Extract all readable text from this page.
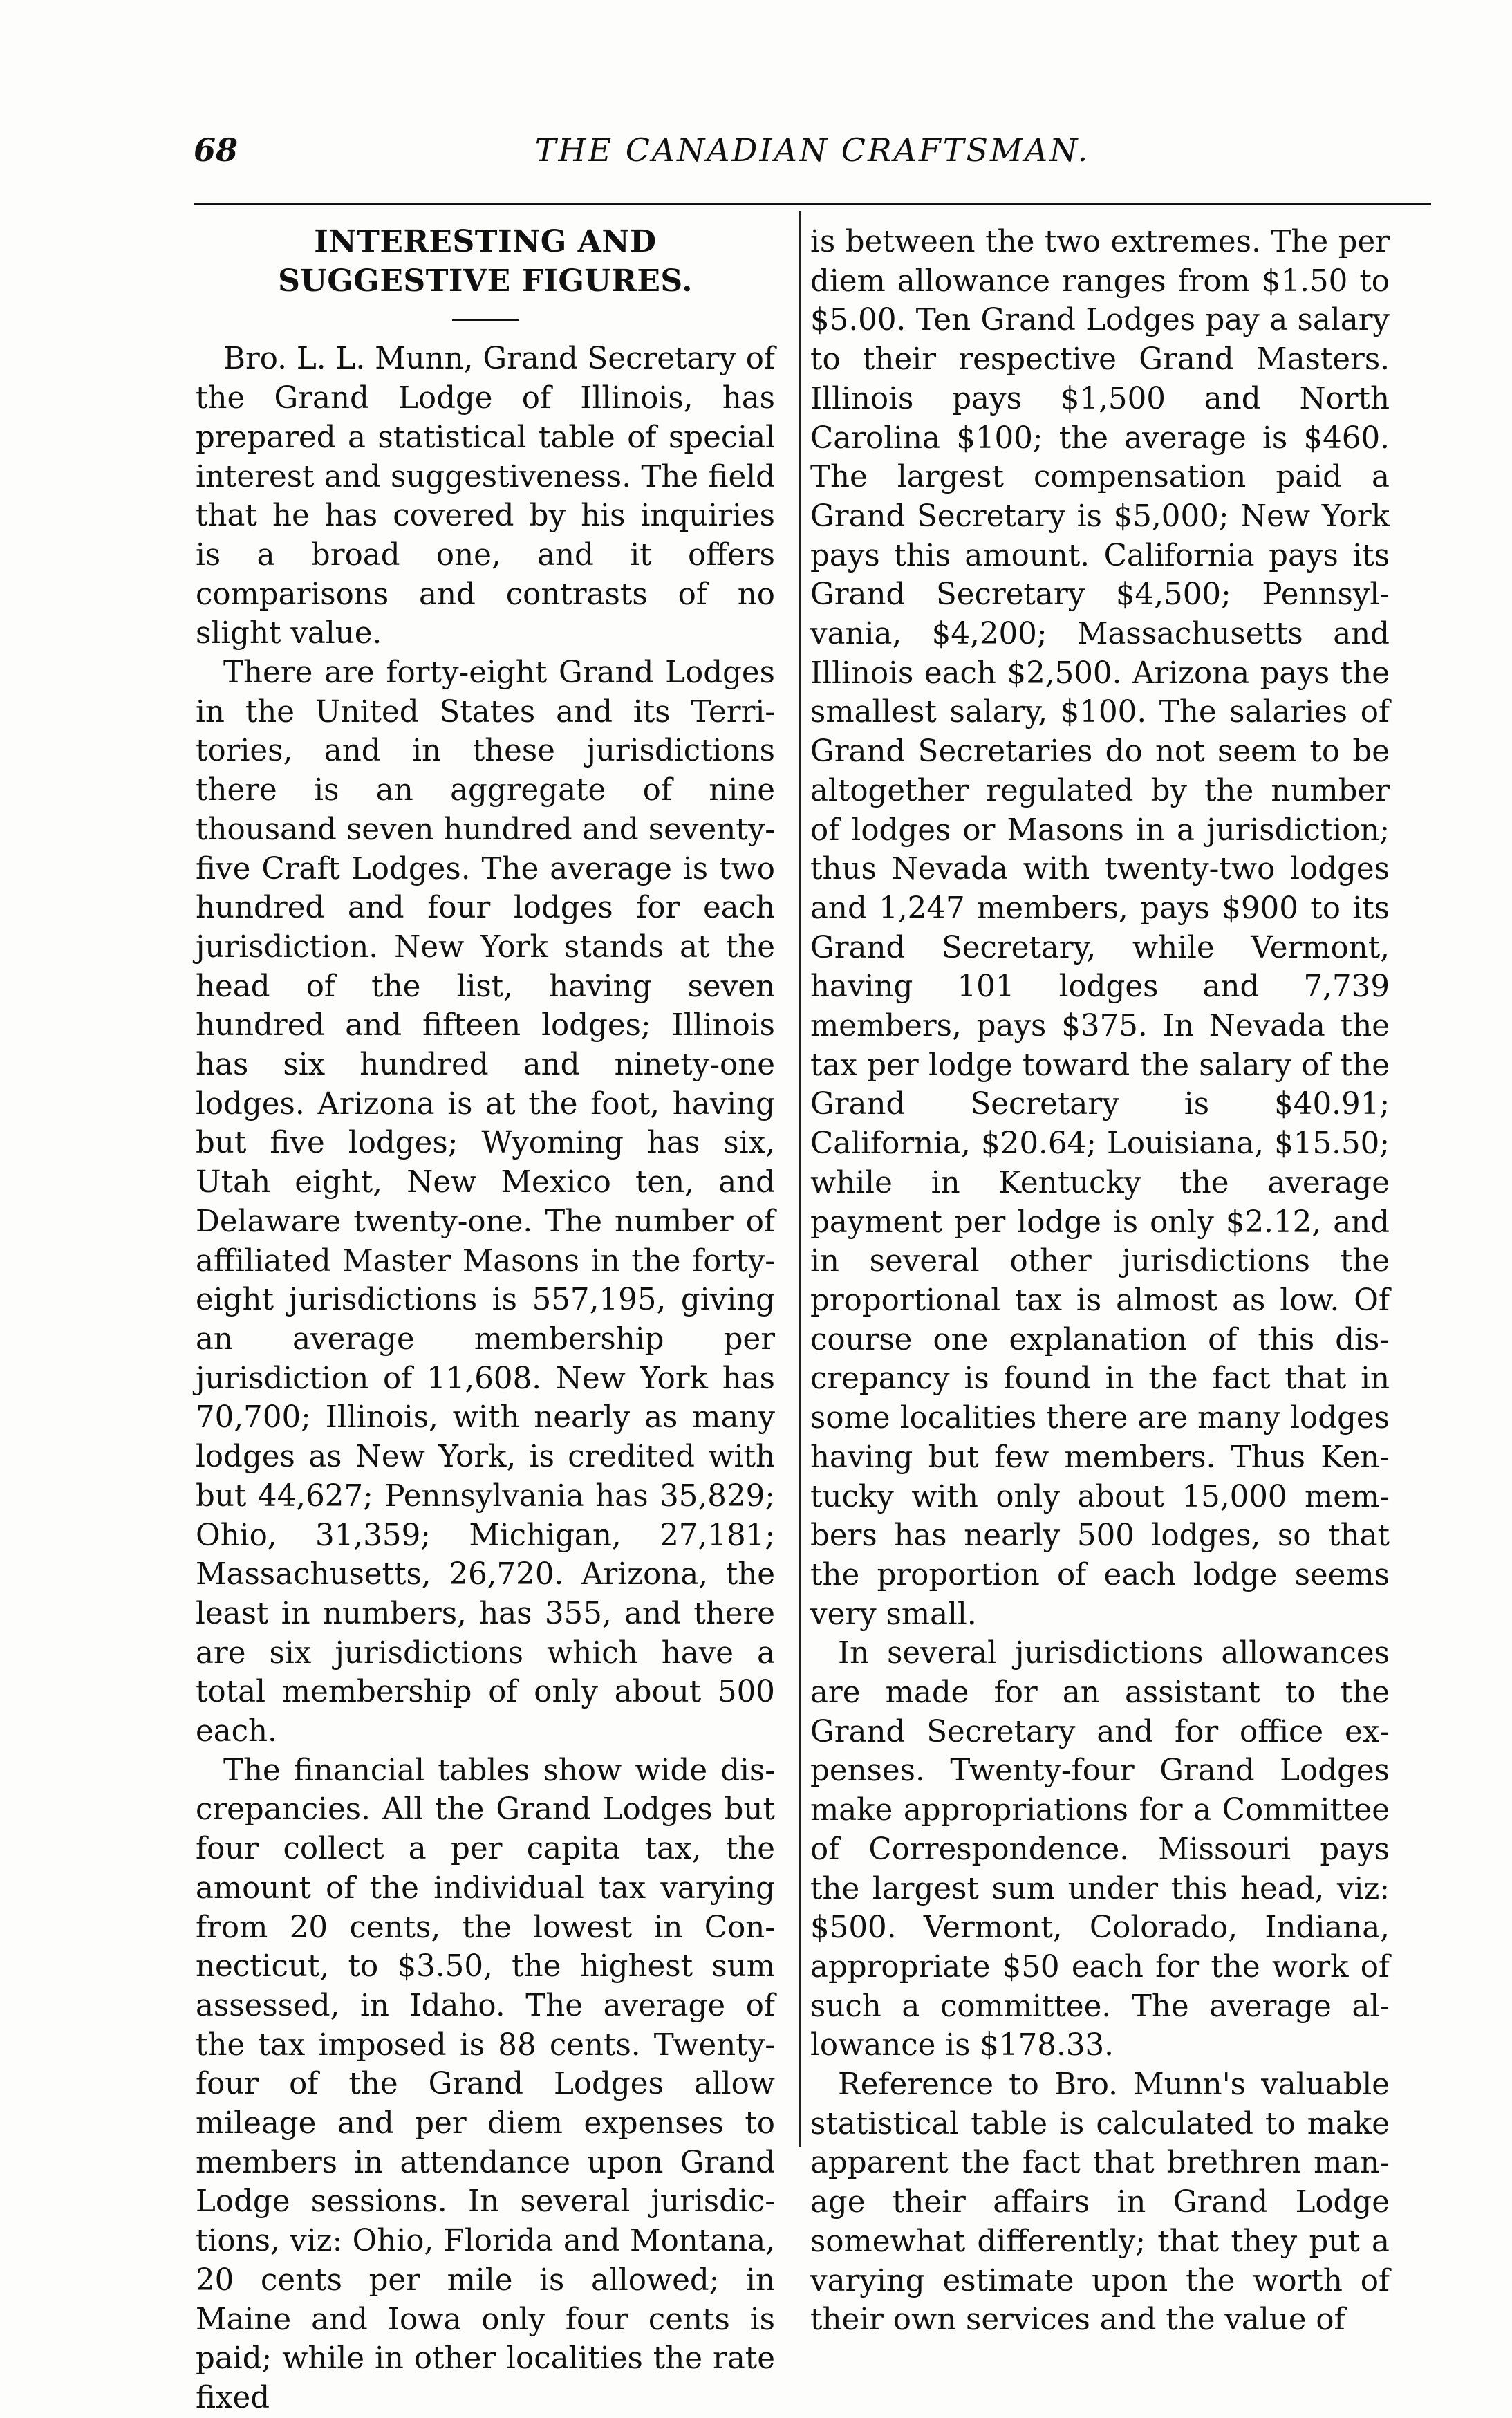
68	THE CANADIAN CRAFTSMAN.
INTERESTING AND SUGGESTIVE FIGURES.

Bro. L. L. Munn, Grand Secretary of the Grand Lodge of Illinois, has prepared a statistical table of special interest and suggestiveness. The field that he has covered by his inquiries is a broad one, and it offers comparisons and contrasts of no slight value.

There are forty-eight Grand Lodges in the United States and its Territories, and in these jurisdictions there is an aggregate of nine thousand seven hundred and seventy-five Craft Lodges. The average is two hundred and four lodges for each jurisdiction. New York stands at the head of the list, having seven hundred and fifteen lodges; Illinois has six hundred and ninety-one lodges. Arizona is at the foot, having but five lodges; Wyoming has six, Utah eight, New Mexico ten, and Delaware twenty-one. The number of affiliated Master Masons in the forty-eight jurisdictions is 557,195, giving an average membership per jurisdiction of 11,608. New York has 70,700; Illinois, with nearly as many lodges as New York, is credited with but 44,627; Pennsylvania has 35,829; Ohio, 31,359; Michigan, 27,181; Massachusetts, 26,720. Arizona, the least in numbers, has 355, and there are six jurisdictions which have a total membership of only about 500 each.

The financial tables show wide discrepancies. All the Grand Lodges but four collect a per capita tax, the amount of the individual tax varying from 20 cents, the lowest in Connecticut, to $3.50, the highest sum assessed, in Idaho. The average of the tax imposed is 88 cents. Twenty-four of the Grand Lodges allow mileage and per diem expenses to members in attendance upon Grand Lodge sessions. In several jurisdictions, viz: Ohio, Florida and Montana, 20 cents per mile is allowed; in Maine and Iowa only four cents is paid; while in other localities the rate fixed

is between the two extremes. The per diem allowance ranges from $1.50 to $5.00. Ten Grand Lodges pay a salary to their respective Grand Masters. Illinois pays $1,500 and North Carolina $100; the average is $460. The largest compensation paid a Grand Secretary is $5,000; New York pays this amount. California pays its Grand Secretary $4,500; Pennsylvania, $4,200; Massachusetts and Illinois each $2,500. Arizona pays the smallest salary, $100. The salaries of Grand Secretaries do not seem to be altogether regulated by the number of lodges or Masons in a jurisdiction; thus Nevada with twenty-two lodges and 1,247 members, pays $900 to its Grand Secretary, while Vermont, having 101 lodges and 7,739 members, pays $375. In Nevada the tax per lodge toward the salary of the Grand Secretary is $40.91; California, $20.64; Louisiana, $15.50; while in Kentucky the average payment per lodge is only $2.12, and in several other jurisdictions the proportional tax is almost as low. Of course one explanation of this discrepancy is found in the fact that in some localities there are many lodges having but few members. Thus Kentucky with only about 15,000 members has nearly 500 lodges, so that the proportion of each lodge seems very small.

In several jurisdictions allowances are made for an assistant to the Grand Secretary and for office expenses. Twenty-four Grand Lodges make appropriations for a Committee of Correspondence. Missouri pays the largest sum under this head, viz: $500. Vermont, Colorado, Indiana, appropriate $50 each for the work of such a committee. The average allowance is $178.33.

Reference to Bro. Munn's valuable statistical table is calculated to make apparent the fact that brethren manage their affairs in Grand Lodge somewhat differently; that they put a varying estimate upon the worth of their own services and the value of
